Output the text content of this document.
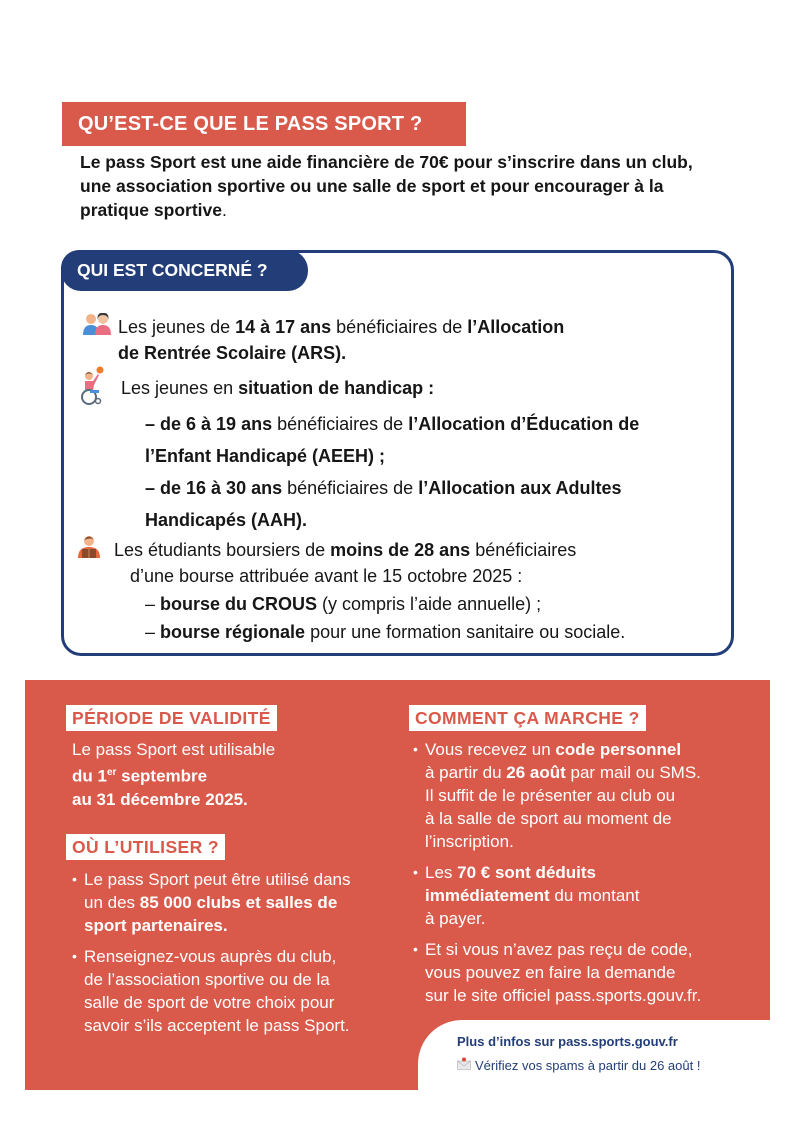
QU’EST-CE QUE LE PASS SPORT ?
Le pass Sport est une aide financière de 70€ pour s’inscrire dans un club, une association sportive ou une salle de sport et pour encourager à la pratique sportive.
QUI EST CONCERNÉ ?
Les jeunes de 14 à 17 ans bénéficiaires de l’Allocation
de Rentrée Scolaire (ARS).
Les jeunes en situation de handicap :
– de 6 à 19 ans bénéficiaires de l’Allocation d’Éducation de
l’Enfant Handicapé (AEEH) ;
– de 16 à 30 ans bénéficiaires de l’Allocation aux Adultes
Handicapés (AAH).
Les étudiants boursiers de moins de 28 ans bénéficiaires
d’une bourse attribuée avant le 15 octobre 2025 :
– bourse du CROUS (y compris l’aide annuelle) ;
– bourse régionale pour une formation sanitaire ou sociale.
PÉRIODE DE VALIDITÉ
Le pass Sport est utilisable
du 1er septembre
au 31 décembre 2025.
OÙ L’UTILISER ?
• Le pass Sport peut être utilisé dans
un des 85 000 clubs et salles de
sport partenaires.
• Renseignez-vous auprès du club,
de l’association sportive ou de la
salle de sport de votre choix pour
savoir s’ils acceptent le pass Sport.
COMMENT ÇA MARCHE ?
• Vous recevez un code personnel
à partir du 26 août par mail ou SMS.
Il suffit de le présenter au club ou
à la salle de sport au moment de
l’inscription.
• Les 70 € sont déduits
immédiatement du montant
à payer.
• Et si vous n’avez pas reçu de code,
vous pouvez en faire la demande
sur le site officiel pass.sports.gouv.fr.
Plus d’infos sur pass.sports.gouv.fr
Vérifiez vos spams à partir du 26 août !
